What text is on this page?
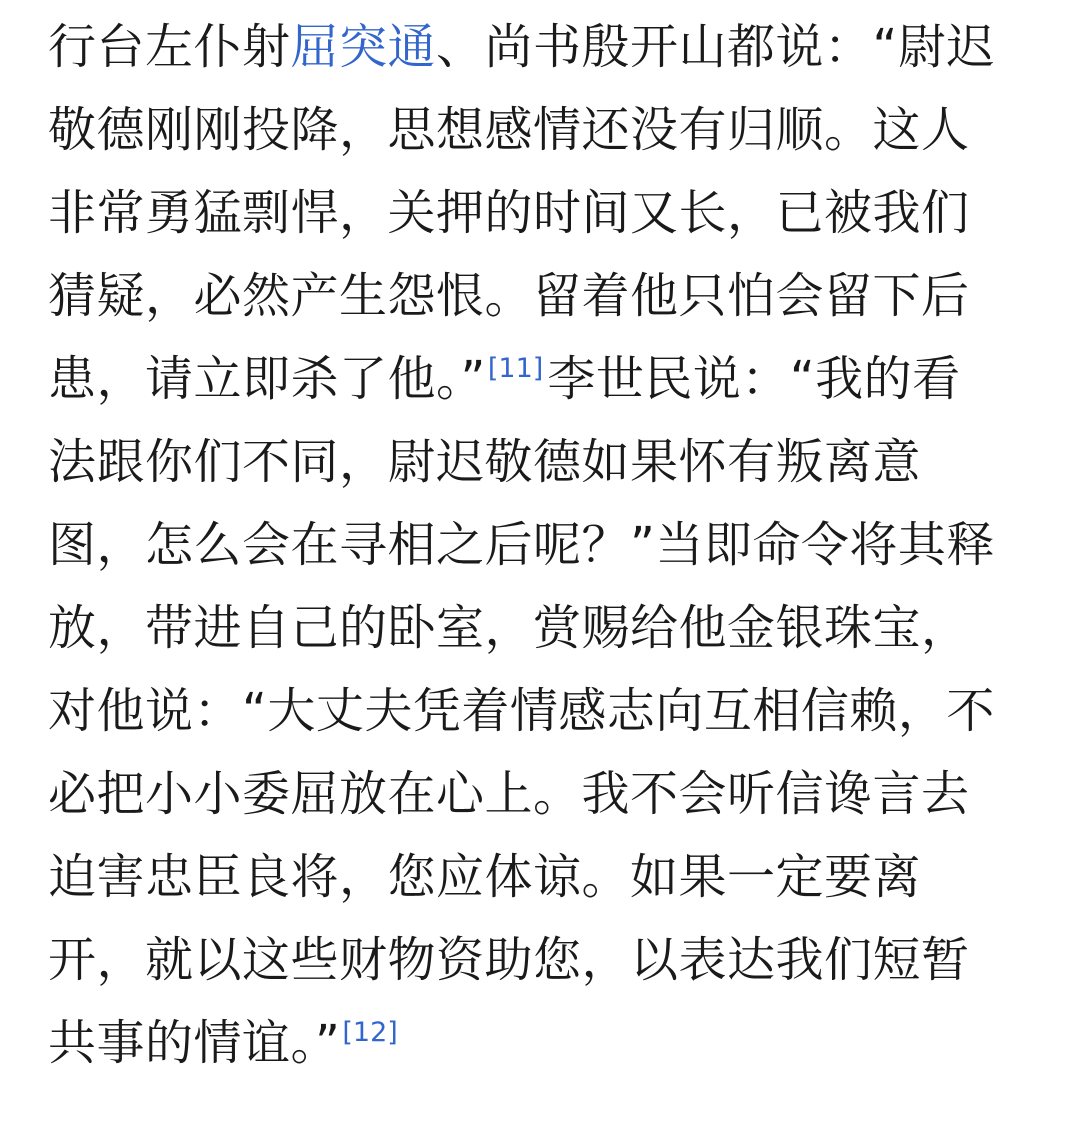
行台左仆射屈突通、尚书殷开山都说：“尉迟
敬德刚刚投降，思想感情还没有归顺。这人
非常勇猛剽悍，关押的时间又长，已被我们
猜疑，必然产生怨恨。留着他只怕会留下后
患，请立即杀了他。”[11]李世民说：“我的看
法跟你们不同，尉迟敬德如果怀有叛离意
图，怎么会在寻相之后呢？”当即命令将其释
放，带进自己的卧室，赏赐给他金银珠宝，
对他说：“大丈夫凭着情感志向互相信赖，不
必把小小委屈放在心上。我不会听信谗言去
迫害忠臣良将，您应体谅。如果一定要离
开，就以这些财物资助您，以表达我们短暂
共事的情谊。”[12]
